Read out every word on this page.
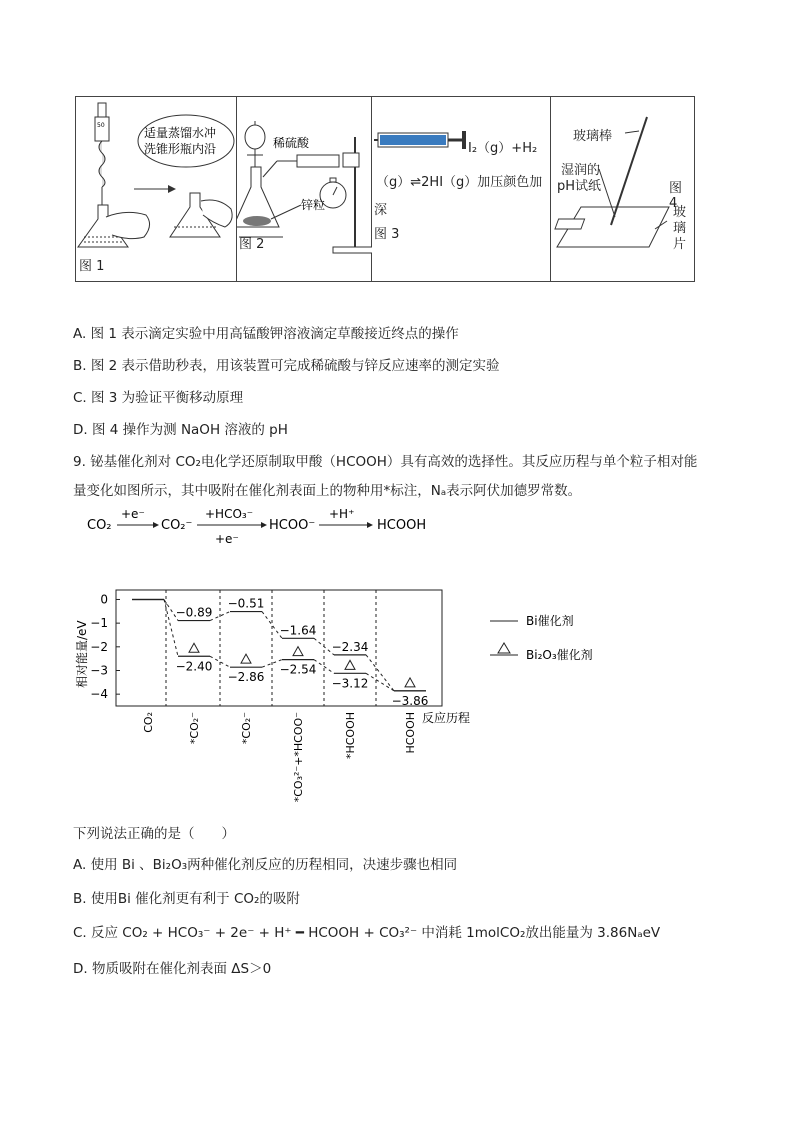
50
适量蒸馏水冲
洗锥形瓶内沿
图 1
稀硫酸
锌粒
图 2
I₂（g）+H₂
（g）⇌2HI（g）加压颜色加
深
图 3
玻璃棒
湿润的
pH试纸	图 4
玻
璃
片
A. 图 1 表示滴定实验中用高锰酸钾溶液滴定草酸接近终点的操作
B. 图 2 表示借助秒表，用该装置可完成稀硫酸与锌反应速率的测定实验
C. 图 3 为验证平衡移动原理
D. 图 4 操作为测 NaOH 溶液的 pH
9. 铋基催化剂对 CO₂电化学还原制取甲酸（HCOOH）具有高效的选择性。其反应历程与单个粒子相对能
量变化如图所示，其中吸附在催化剂表面上的物种用*标注，Nₐ表示阿伏加德罗常数。
CO₂
+e⁻
CO₂⁻
+HCO₃⁻
+e⁻
HCOO⁻
+H⁺
HCOOH
相对能量/eV
反应历程
0
−1
−2
−3
−4
−0.89
−0.51
−1.64
−2.34
−2.40
−2.86
−2.54
−3.12
−3.86
CO₂	*CO₂⁻	*CO₂⁻	*CO₃²⁻+*HCOO⁻	*HCOOH	HCOOH
Bi催化剂
Bi₂O₃催化剂
下列说法正确的是（　　）
A. 使用 Bi 、Bi₂O₃两种催化剂反应的历程相同，决速步骤也相同
B. 使用Bi 催化剂更有利于 CO₂的吸附
C. 反应 CO₂ + HCO₃⁻ + 2e⁻ + H⁺ ━ HCOOH + CO₃²⁻ 中消耗 1molCO₂放出能量为 3.86NₐeV
D. 物质吸附在催化剂表面 ΔS＞0
